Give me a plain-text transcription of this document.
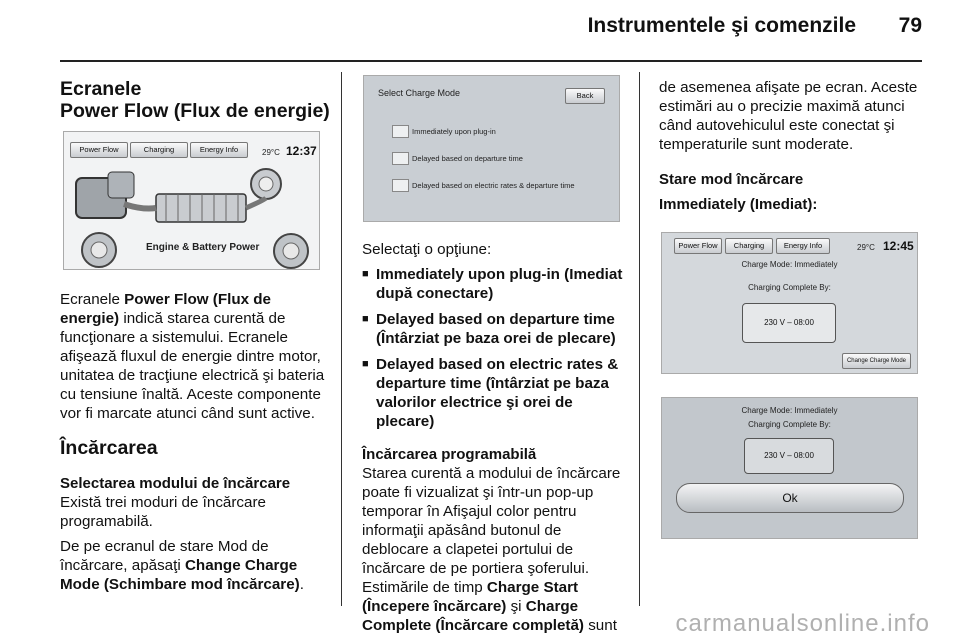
Instrumentele şi comenzile 79
Ecranele
Power Flow (Flux de energie)
Power Flow	Charging	Energy Info	29°C 12:37
Engine & Battery Power

Ecranele Power Flow (Flux de energie) indică starea curentă de funcţionare a sistemului. Ecranele afişează fluxul de energie dintre motor, unitatea de tracţiune electrică şi bateria cu tensiune înaltă. Aceste componente vor fi marcate atunci când sunt active.

Încărcarea
Selectarea modului de încărcare

Există trei moduri de încărcare programabilă.

De pe ecranul de stare Mod de încărcare, apăsaţi Change Charge Mode (Schimbare mod încărcare).

Select Charge Mode	Back
Immediately upon plug-in
Delayed based on departure time
Delayed based on electric rates & departure time

Selectaţi o opţiune:

■ Immediately upon plug-in (Imediat după conectare)
■ Delayed based on departure time (Întârziat pe baza orei de plecare)
■ Delayed based on electric rates & departure time (întârziat pe baza valorilor electrice şi orei de plecare)
Încărcarea programabilă

Starea curentă a modului de încărcare poate fi vizualizat şi într-un pop-up temporar în Afişajul color pentru informaţii apăsând butonul de deblocare a clapetei portului de încărcare de pe portiera şoferului. Estimările de timp Charge Start (Începere încărcare) şi Charge Complete (Încărcare completă) sunt

de asemenea afişate pe ecran. Aceste estimări au o precizie maximă atunci când autovehiculul este conectat şi temperaturile sunt moderate.

Stare mod încărcare
Immediately (Imediat):
Power Flow	Charging	Energy Info	29°C 12:45
Charge Mode: Immediately
Charging Complete By:
230 V – 08:00
Change Charge Mode
Charge Mode: Immediately
Charging Complete By:
230 V – 08:00
Ok
carmanualsonline.info
